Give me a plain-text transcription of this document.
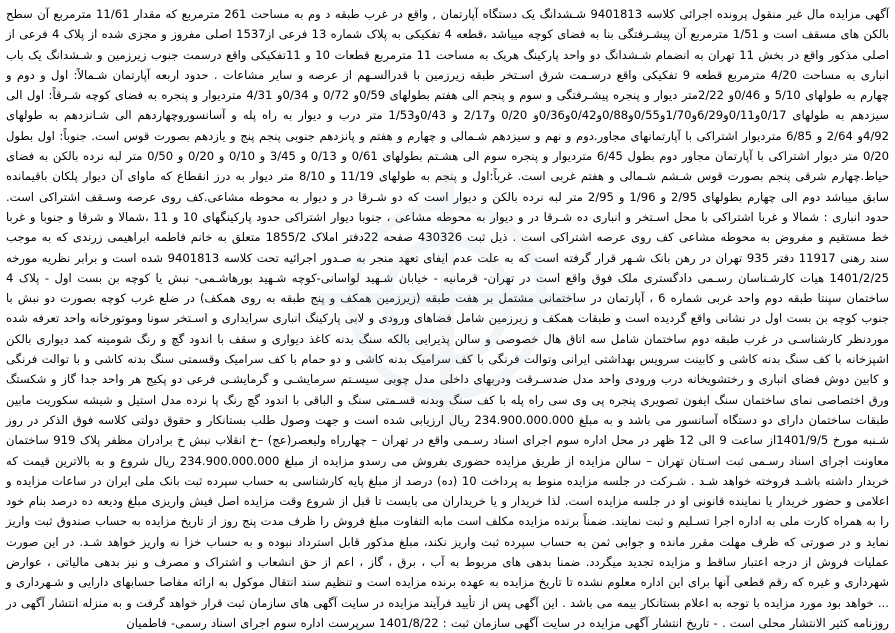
آگهی مزایده مال غیر منقول پرونده اجرائی کلاسه 9401813 شـشدانگ یک دستگاه آپارتمان , واقع در غرب طبقه د وم به مساحت 261 مترمربع که مقدار 11/61 مترمربع آن سطح بالکن های مسقف است و 1/51 مترمربع آن پیشـرفتگی بنا به فضای کوچه میباشد ،قطعه 4 تفکیکی به پلاک شماره 13 فرعی از1537 اصلی مفروز و مجزی شده از پلاک 4 فرعی از اصلی مذکور واقع در بخش 11 تهران به انضمام شـشدانگ دو واحد پارکینگ هریک به مساحت 11 مترمربع قطعات 10 و 11تفکیکی واقع درسمت جنوب زیرزمین و شـشدانگ یک باب انباری به مساحت 4/20 مترمربع قطعه 9 تفکیکی واقع درسـمت شرق اسـتخر طبقه زیرزمین با قدرالسـهم از عرصه و سایر مشاعات . حدود اربعه آپارتمان شـمالاً: اول و دوم و چهارم به طولهای 5/10 و 0/46و 2/22متر دیوار و پنجره پیشـرفتگی و سوم و پنجم الی هفتم بطولهای 0/59و 0/72 و 0/34و 4/31 متردیوار و پنجره به فضای کوچه شـرقاً: اول الی سیزدهم به طولهای 0/17و0/11و6/29و1/70و0/55و0/88و0/42و0/36و 0/20 و2/17 و 0/43و1/53 متر درب و دیوار به راه پله و آسانسوروچهاردهم الی شـانزدهم به طولهای 4/92و 2/64 و 6/85 متردیوار اشتراکی با آپارتمانهای مجاور.دوم و نهم و سیزدهم شـمالی و چهارم و هفتم و پانزدهم جنوبی پنجم پنج و یازدهم بصورت قوس است. جنوباً: اول بطول 0/20 متر دیوار اشتراکی با آپارتمان مجاور دوم بطول 6/45 متردیوار و پنجره سوم الی هشـتم بطولهای 0/61 و 0/13 و 3/45 و 0/10 و 0/20 و 0/50 متر لبه نرده بالکن به فضای حیاط.چهارم شرقی پنجم بصورت قوس شـشم شـمالی و هفتم غربی است. غرباً:اول و پنجم به طولهای 11/19 و 8/10 متر دیوار به درز انقطاع که ماوای آن دیوار پلکان باقیمانده سابق میباشد دوم الی چهارم بطولهای 2/95 و 1/96 و 2/95 متر لبه نرده بالکن و دیوار است که دو شـرقا در و دیوار به محوطه مشاعی.کف روی عرصه وسـقف اشتراکی است. حدود انباری : شمالا و غربا اشتراکی با محل اسـتخر و انباری ده شـرقا در و دیوار به محوطه مشاعی ، جنوبا دیوار اشتراکی حدود پارکینگهای 10 و 11 ،شمالا و شرقا و جنوبا و غربا خط مستقیم و مفروض به محوطه مشاعی کف روی عرصه اشتراکی است . ذیل ثبت 430326 صفحه 22دفتر املاک 1855/2 متعلق به خانم فاطمه ابراهیمی زرندی که به موجب سند رهنی 11917 دفتر 935 تهران در رهن بانک شـهر قرار گرفته است که به علت عدم ایفای تعهد منجر به صـدور اجرائیه تحت کلاسه 9401813 شده است و برابر نظریه مورخه 1401/2/25 هیات کارشـناسان رسـمی دادگستری ملک فوق واقع است در تهران- قرمانیه - خیابان شـهید لواسانی-کوچه شـهید بورهاشـمی- نبش یا کوچه بن بست اول - پلاک 4 ساختمان سپنتا طبقه دوم واحد غربی شماره 6 ، آپارتمان در ساختمانی مشتمل بر هفت طبقه (زیرزمین همکف و پنج طبقه به روی همکف) در ضلع غرب کوچه بصورت دو نبش با جنوب کوچه بن بست اول در نشانی واقع گردیده است و طبقات همکف و زیرزمین شامل فضاهای ورودی و لابی پارکینگ انباری سرایداری و اسـتخر سونا وموتورخانه واحد تعرفه شده موردنظر کارشناسـی در غرب طبقه دوم ساختمان شامل سه اتاق هال خصوصی و سالن پذیرایی بالکه سنگ بدنه کاغذ دیواری و سقف با اندود گچ و رنگ شومینه کمد دیواری بالکن اشپزخانه با کف سنگ بدنه کاشی و کابینت سرویس بهداشتی ایرانی وتوالت فرنگی با کف سرامیک بدنه کاشی و دو حمام با کف سرامیک وقسمتی سنگ بدنه کاشی و با توالت فرنگی و کابین دوش فضای انباری و رختشویخانه درب ورودی واحد مدل ضدسـرقت ودربهای داخلی مدل چوبی سیسـتم سرمایشـی و گرمایشـی فرعی دو پکیج هر واحد جدا گاز و شکستگ ورق اختصاصی نمای ساختمان سنگ ایفون تصویری پنجره پی وی سی راه پله با کف سنگ وبدنه قسـمتی سنگ و الباقی با اندود گچ رنگ پا نرده مدل استیل و شیشه سکوریت مابین طبقات ساختمان دارای دو دستگاه آسانسور می باشد و به مبلغ 234.900.000.000 ریال ارزیابی شده است و جهت وصول طلب بستانکار و حقوق دولتی کلاسه فوق الذکر در روز شـنبه مورخ 1401/9/5از ساعت 9 الی 12 ظهر در محل اداره سوم اجرای اسناد رسـمی واقع در تهران – چهارراه ولیعصر(عج) –خ انقلاب نبش خ برادران مظفر پلاک 919 ساختمان معاونت اجرای اسناد رسـمی ثبت اسـتان تهران – سالن مزایده از طریق مزایده حضوری بفروش می رسدو مزایده از مبلغ 234.900.000.000 ریال شروع و به بالاترین قیمت که خریدار داشته باشـد فروخته خواهد شـد . شـرکت در جلسه مزایده منوط به پرداخت 10 (ده) درصد از مبلغ پایه کارشناسی به حساب سپرده ثبت بانک ملی ایران در ساعات مزایده و اعلامی و حضور خریدار یا نماینده قانونی او در جلسه مزایده است. لذا خریدار و یا خریداران می بایست تا قبل از شروع وقت مزایده اصل فیش واریزی مبلغ ودیعه ده درصد بنام خود را به همراه کارت ملی به اداره اجرا تسـلیم و ثبت نمایند. ضمناً برنده مزایده مکلف است مابه التفاوت مبلغ فروش را ظرف مدت پنج روز از تاریخ مزایده به حساب صندوق ثبت واریز نماید و در صورتی که ظرف مهلت مقرر مانده و جوابی ثمن به حساب سپرده ثبت واریز نکند، مبلغ مذکور قابل استرداد نبوده و به حساب خزا نه واریز خواهد شـد. در این صورت عملیات فروش از درجه اعتبار ساقط و مزایده تجدید میگردد. ضمنا بدهی های مربوط به آب ، برق ، گاز ، اعم از حق انشعاب و اشتراک و مصرف و نیز بدهی مالیاتی ، عوارض شهرداری و غیره که رقم قطعی آنها برای این اداره معلوم نشده تا تاریخ مزایده به عهده برنده مزایده است و تنظیم سند انتقال موکول به ارائه مفاصا حسابهای دارایی و شـهرداری و ... خواهد بود مورد مزایده با توجه به اعلام بستانکار بیمه می باشد . این آگهی پس از تأیید فرآیند مزایده در سایت آگهی های سازمان ثبت قرار خواهد گرفت و به منزله انتشار آگهی در روزنامه کثیر الانتشار محلی است . - تاریخ انتشار آگهی مزایده در سایت آگهی سازمان ثبت : 1401/8/22 سرپرست اداره سوم اجرای اسناد رسمی- فاطمیان
